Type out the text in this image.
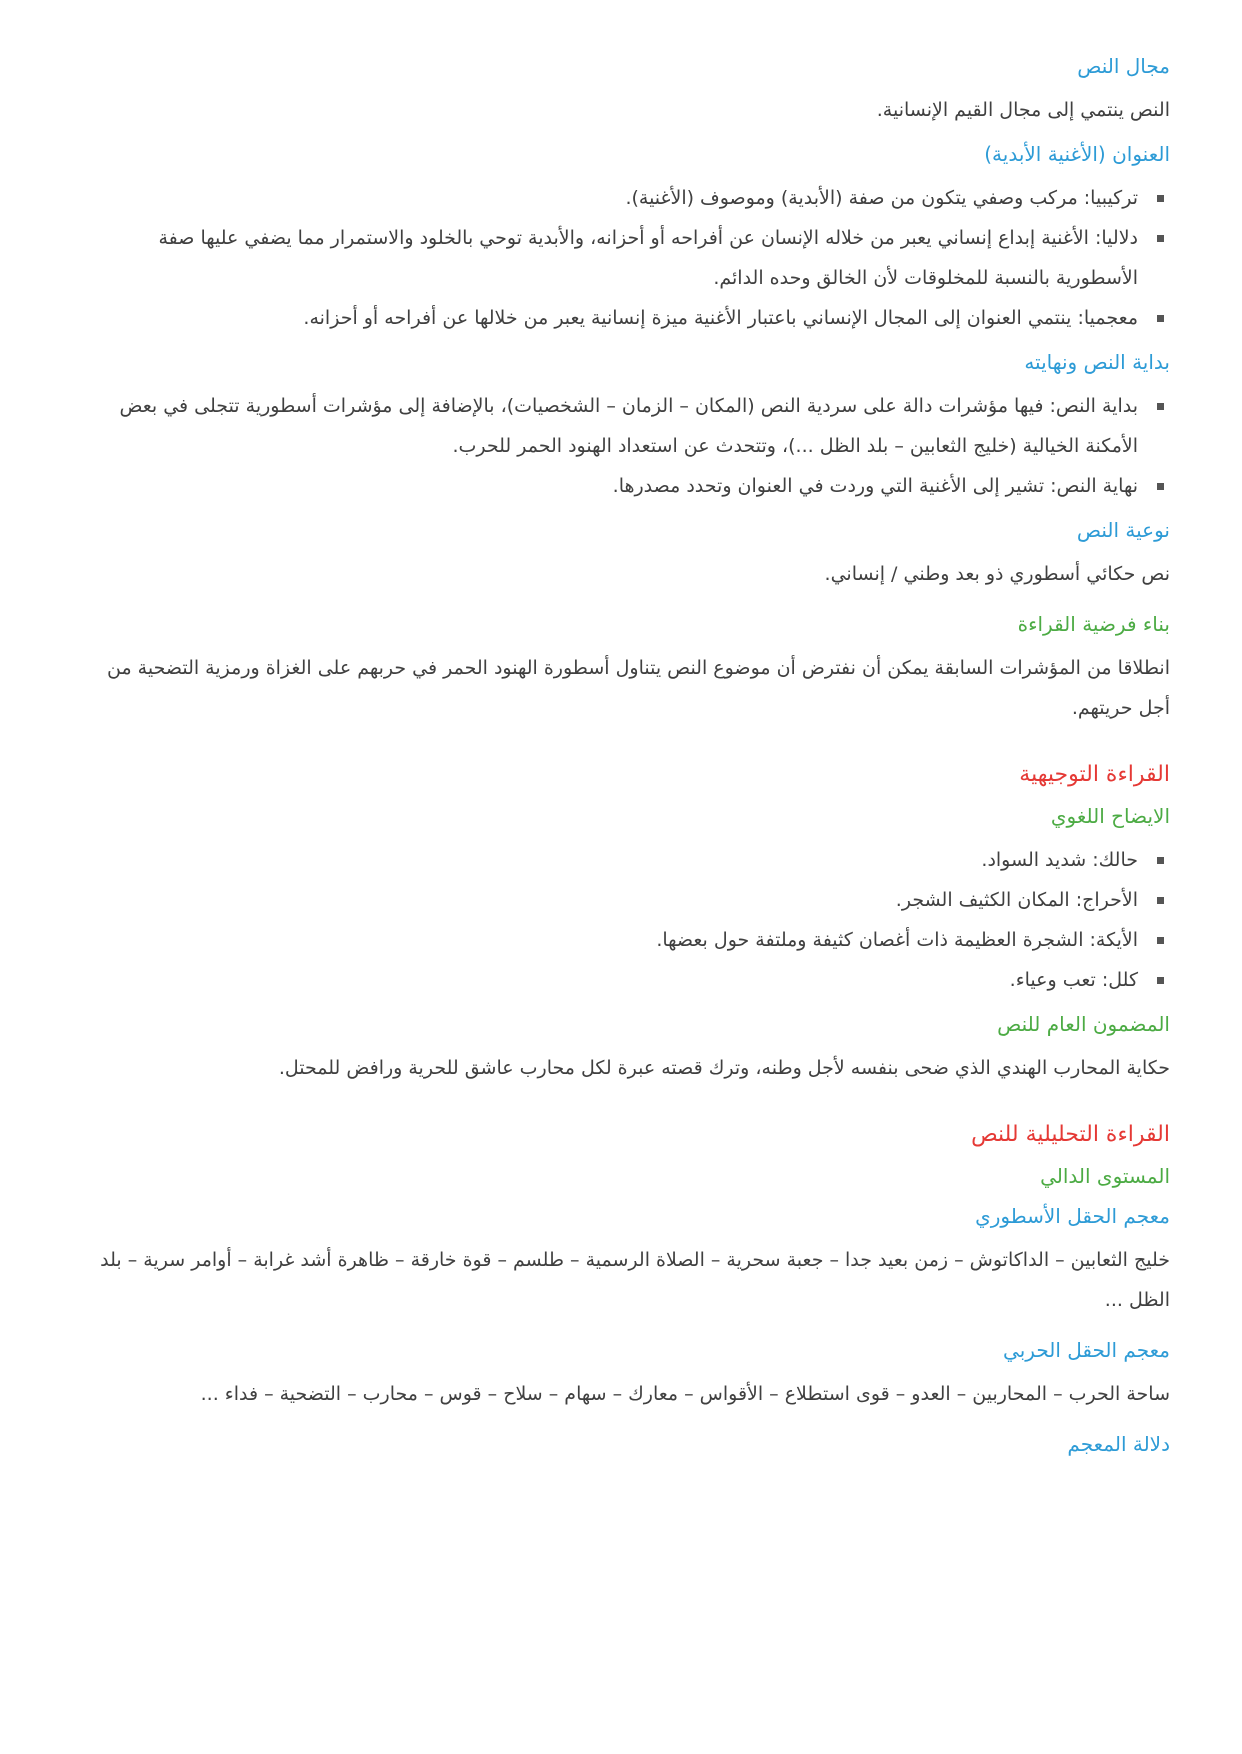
مجال النص

النص ينتمي إلى مجال القيم الإنسانية.

العنوان (الأغنية الأبدية)
تركيبيا: مركب وصفي يتكون من صفة (الأبدية) وموصوف (الأغنية).
دلاليا: الأغنية إبداع إنساني يعبر من خلاله الإنسان عن أفراحه أو أحزانه، والأبدية توحي بالخلود والاستمرار مما يضفي عليها صفة الأسطورية بالنسبة للمخلوقات لأن الخالق وحده الدائم.
معجميا: ينتمي العنوان إلى المجال الإنساني باعتبار الأغنية ميزة إنسانية يعبر من خلالها عن أفراحه أو أحزانه.
بداية النص ونهايته
بداية النص: فيها مؤشرات دالة على سردية النص (المكان – الزمان – الشخصيات)، بالإضافة إلى مؤشرات أسطورية تتجلى في بعض الأمكنة الخيالية (خليج الثعابين – بلد الظل ...)، وتتحدث عن استعداد الهنود الحمر للحرب.
نهاية النص: تشير إلى الأغنية التي وردت في العنوان وتحدد مصدرها.
نوعية النص

نص حكائي أسطوري ذو بعد وطني / إنساني.

بناء فرضية القراءة

انطلاقا من المؤشرات السابقة يمكن أن نفترض أن موضوع النص يتناول أسطورة الهنود الحمر في حربهم على الغزاة ورمزية التضحية من أجل حريتهم.

القراءة التوجيهية
الايضاح اللغوي
حالك: شديد السواد.
الأحراج: المكان الكثيف الشجر.
الأيكة: الشجرة العظيمة ذات أغصان كثيفة وملتفة حول بعضها.
كلل: تعب وعياء.
المضمون العام للنص

حكاية المحارب الهندي الذي ضحى بنفسه لأجل وطنه، وترك قصته عبرة لكل محارب عاشق للحرية ورافض للمحتل.

القراءة التحليلية للنص
المستوى الدالي
معجم الحقل الأسطوري

خليج الثعابين – الداكاتوش – زمن بعيد جدا – جعبة سحرية – الصلاة الرسمية – طلسم – قوة خارقة – ظاهرة أشد غرابة – أوامر سرية – بلد الظل ...

معجم الحقل الحربي

ساحة الحرب – المحاربين – العدو – قوى استطلاع – الأقواس – معارك – سهام – سلاح – قوس – محارب – التضحية – فداء ...

دلالة المعجم
